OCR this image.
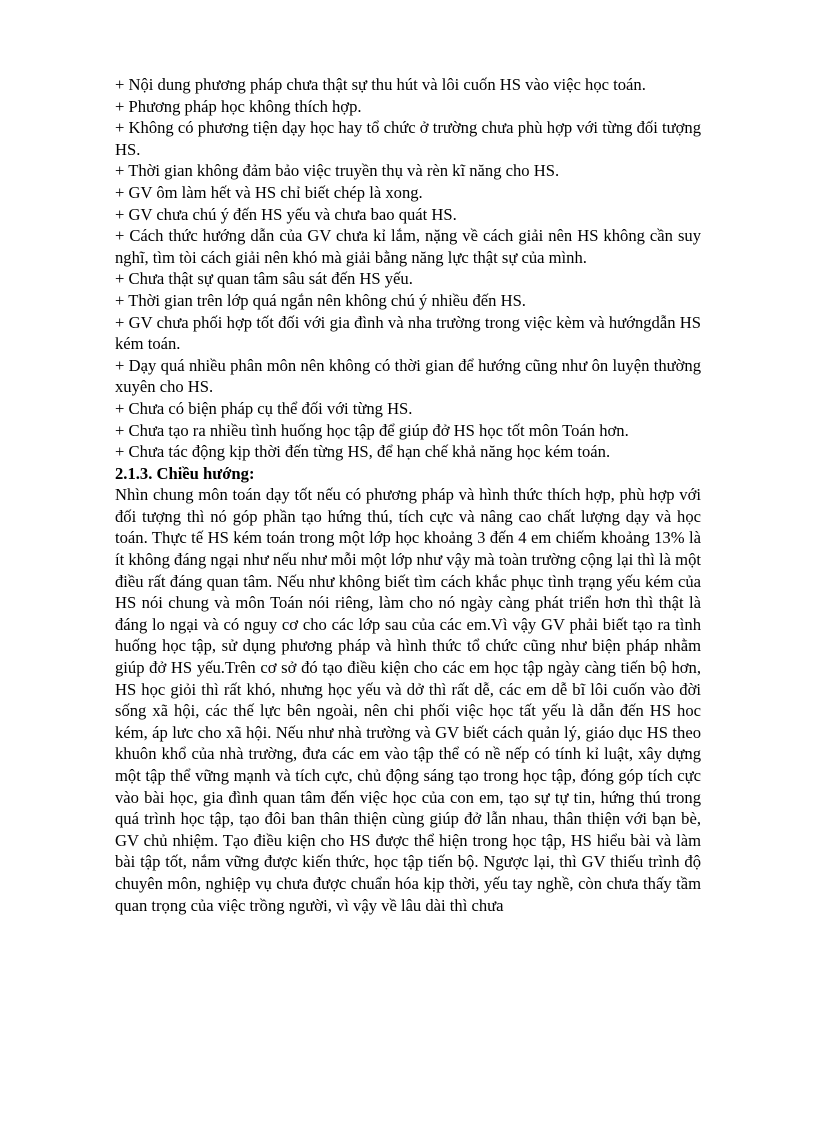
+ Nội dung phương pháp chưa thật sự thu hút và lôi cuốn HS vào việc học toán.

+ Phương pháp học không thích hợp.

+ Không có phương tiện dạy học hay tổ chức ở trường chưa phù hợp với từng đối tượng HS.

+ Thời gian không đảm bảo việc truyền thụ và rèn kĩ năng cho HS.

+ GV ôm làm hết và HS chỉ biết chép là xong.

+ GV chưa chú ý đến HS yếu và chưa bao quát HS.

+ Cách thức hướng dẫn của GV chưa kỉ lắm, nặng về cách giải nên HS không cần suy nghĩ, tìm tòi cách giải nên khó mà giải bằng năng lực thật sự của mình.

+ Chưa thật sự quan tâm sâu sát đến HS yếu.

+ Thời gian trên lớp quá ngắn nên không chú ý nhiều đến HS.

+ GV chưa phối hợp tốt đối với gia đình và nha trường trong việc kèm và hướngdẫn HS kém toán.

+ Dạy quá nhiều phân môn nên không có thời gian để hướng cũng như ôn luyện thường xuyên cho HS.

+ Chưa có biện pháp cụ thể đối với từng HS.

+ Chưa tạo ra nhiều tình huống học tập để giúp đở HS học tốt môn Toán hơn.

+ Chưa tác động kịp thời đến từng HS, để hạn chế khả năng học kém toán.

2.1.3. Chiều hướng:

Nhìn chung môn toán dạy tốt nếu có phương pháp và hình thức thích hợp, phù hợp với đối tượng thì nó góp phần tạo hứng thú, tích cực và nâng cao chất lượng dạy và học toán. Thực tế HS kém toán trong một lớp học khoảng 3 đến 4 em chiếm khoảng 13% là ít không đáng ngại như nếu như mỗi một lớp như vậy mà toàn trường cộng lại thì là một điều rất đáng quan tâm. Nếu như không biết tìm cách khắc phục tình trạng yếu kém của HS nói chung và môn Toán nói riêng, làm cho nó ngày càng phát triển hơn thì thật là đáng lo ngại và có nguy cơ cho các lớp sau của các em.Vì vậy GV phải biết tạo ra tình huống học tập, sử dụng phương pháp và hình thức tổ chức cũng như biện pháp nhằm giúp đở HS yếu.Trên cơ sở đó tạo điều kiện cho các em học tập ngày càng tiến bộ hơn, HS học giỏi thì rất khó, nhưng học yếu và dở thì rất dễ, các em dễ bĩ lôi cuốn vào đời sống xã hội, các thế lực bên ngoài, nên chi phối việc học tất yếu là dẫn đến HS hoc kém, áp lưc cho xã hội. Nếu như nhà trường và GV biết cách quản lý, giáo dục HS theo khuôn khổ của nhà trường, đưa các em vào tập thể có nề nếp có tính kỉ luật, xây dựng một tập thể vững mạnh và tích cực, chủ động sáng tạo trong học tập, đóng góp tích cực vào bài học, gia đình quan tâm đến việc học của con em, tạo sự tự tin, hứng thú trong quá trình học tập, tạo đôi ban thân thiện cùng giúp đở lẫn nhau, thân thiện với bạn bè, GV chủ nhiệm. Tạo điều kiện cho HS được thể hiện trong học tập, HS hiểu bài và làm bài tập tốt, nắm vững được kiến thức, học tập tiến bộ. Ngược lại, thì GV thiếu trình độ chuyên môn, nghiệp vụ chưa được chuẩn hóa kịp thời, yếu tay nghề, còn chưa thấy tầm quan trọng của việc trồng người, vì vậy về lâu dài thì chưa
